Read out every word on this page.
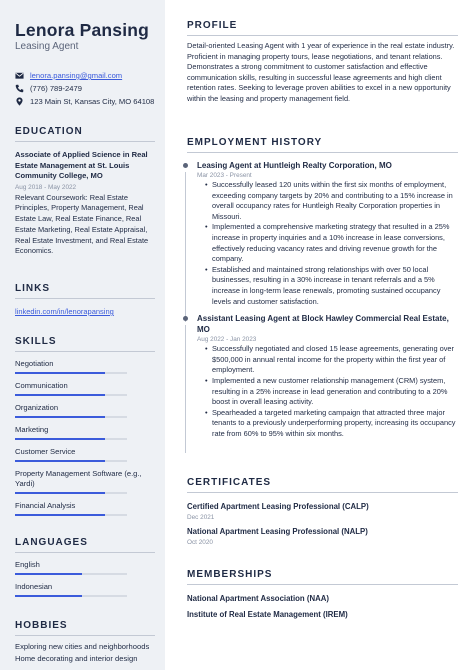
Lenora Pansing
Leasing Agent
lenora.pansing@gmail.com
(776) 789-2479
123 Main St, Kansas City, MO 64108
EDUCATION
Associate of Applied Science in Real Estate Management at St. Louis Community College, MO
Aug 2018 - May 2022
Relevant Coursework: Real Estate Principles, Property Management, Real Estate Law, Real Estate Finance, Real Estate Marketing, Real Estate Appraisal, Real Estate Investment, and Real Estate Economics.
LINKS
linkedin.com/in/lenorapansing
SKILLS
Negotiation
Communication
Organization
Marketing
Customer Service
Property Management Software (e.g., Yardi)
Financial Analysis
LANGUAGES
English
Indonesian
HOBBIES
Exploring new cities and neighborhoods
Home decorating and interior design
PROFILE
Detail-oriented Leasing Agent with 1 year of experience in the real estate industry. Proficient in managing property tours, lease negotiations, and tenant relations. Demonstrates a strong commitment to customer satisfaction and effective communication skills, resulting in successful lease agreements and high client retention rates. Seeking to leverage proven abilities to excel in a new opportunity within the leasing and property management field.
EMPLOYMENT HISTORY
Leasing Agent at Huntleigh Realty Corporation, MO
Mar 2023 - Present
• Successfully leased 120 units within the first six months of employment, exceeding company targets by 20% and contributing to a 15% increase in overall occupancy rates for Huntleigh Realty Corporation properties in Missouri.
• Implemented a comprehensive marketing strategy that resulted in a 25% increase in property inquiries and a 10% increase in lease conversions, effectively reducing vacancy rates and driving revenue growth for the company.
• Established and maintained strong relationships with over 50 local businesses, resulting in a 30% increase in tenant referrals and a 5% increase in long-term lease renewals, promoting sustained occupancy levels and customer satisfaction.
Assistant Leasing Agent at Block Hawley Commercial Real Estate, MO
Aug 2022 - Jan 2023
• Successfully negotiated and closed 15 lease agreements, generating over $500,000 in annual rental income for the property within the first year of employment.
• Implemented a new customer relationship management (CRM) system, resulting in a 25% increase in lead generation and contributing to a 20% boost in overall leasing activity.
• Spearheaded a targeted marketing campaign that attracted three major tenants to a previously underperforming property, increasing its occupancy rate from 60% to 95% within six months.
CERTIFICATES
Certified Apartment Leasing Professional (CALP)
Dec 2021
National Apartment Leasing Professional (NALP)
Oct 2020
MEMBERSHIPS
National Apartment Association (NAA)
Institute of Real Estate Management (IREM)
